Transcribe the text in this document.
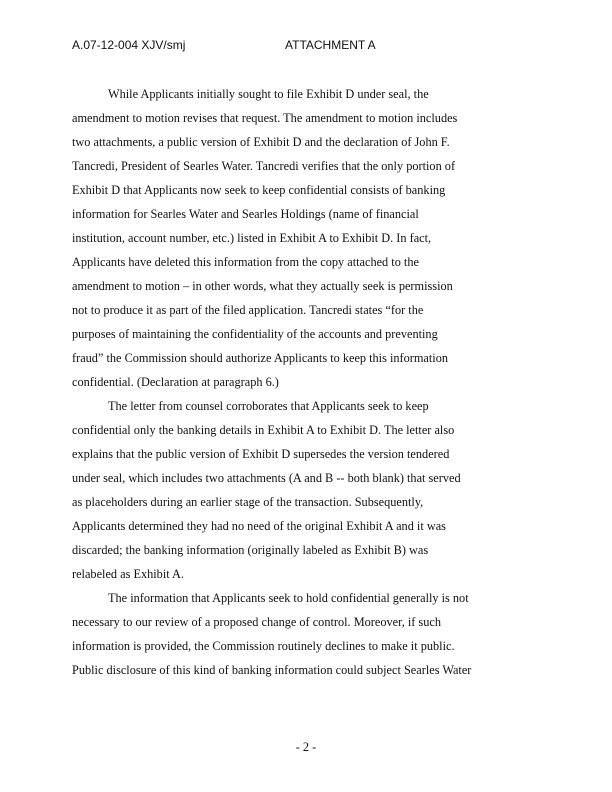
A.07-12-004 XJV/smj	ATTACHMENT A
While Applicants initially sought to file Exhibit D under seal, the
amendment to motion revises that request. The amendment to motion includes
two attachments, a public version of Exhibit D and the declaration of John F.
Tancredi, President of Searles Water. Tancredi verifies that the only portion of
Exhibit D that Applicants now seek to keep confidential consists of banking
information for Searles Water and Searles Holdings (name of financial
institution, account number, etc.) listed in Exhibit A to Exhibit D. In fact,
Applicants have deleted this information from the copy attached to the
amendment to motion – in other words, what they actually seek is permission
not to produce it as part of the filed application. Tancredi states “for the
purposes of maintaining the confidentiality of the accounts and preventing
fraud” the Commission should authorize Applicants to keep this information
confidential. (Declaration at paragraph 6.)
The letter from counsel corroborates that Applicants seek to keep
confidential only the banking details in Exhibit A to Exhibit D. The letter also
explains that the public version of Exhibit D supersedes the version tendered
under seal, which includes two attachments (A and B -- both blank) that served
as placeholders during an earlier stage of the transaction. Subsequently,
Applicants determined they had no need of the original Exhibit A and it was
discarded; the banking information (originally labeled as Exhibit B) was
relabeled as Exhibit A.
The information that Applicants seek to hold confidential generally is not
necessary to our review of a proposed change of control. Moreover, if such
information is provided, the Commission routinely declines to make it public.
Public disclosure of this kind of banking information could subject Searles Water
- 2 -
